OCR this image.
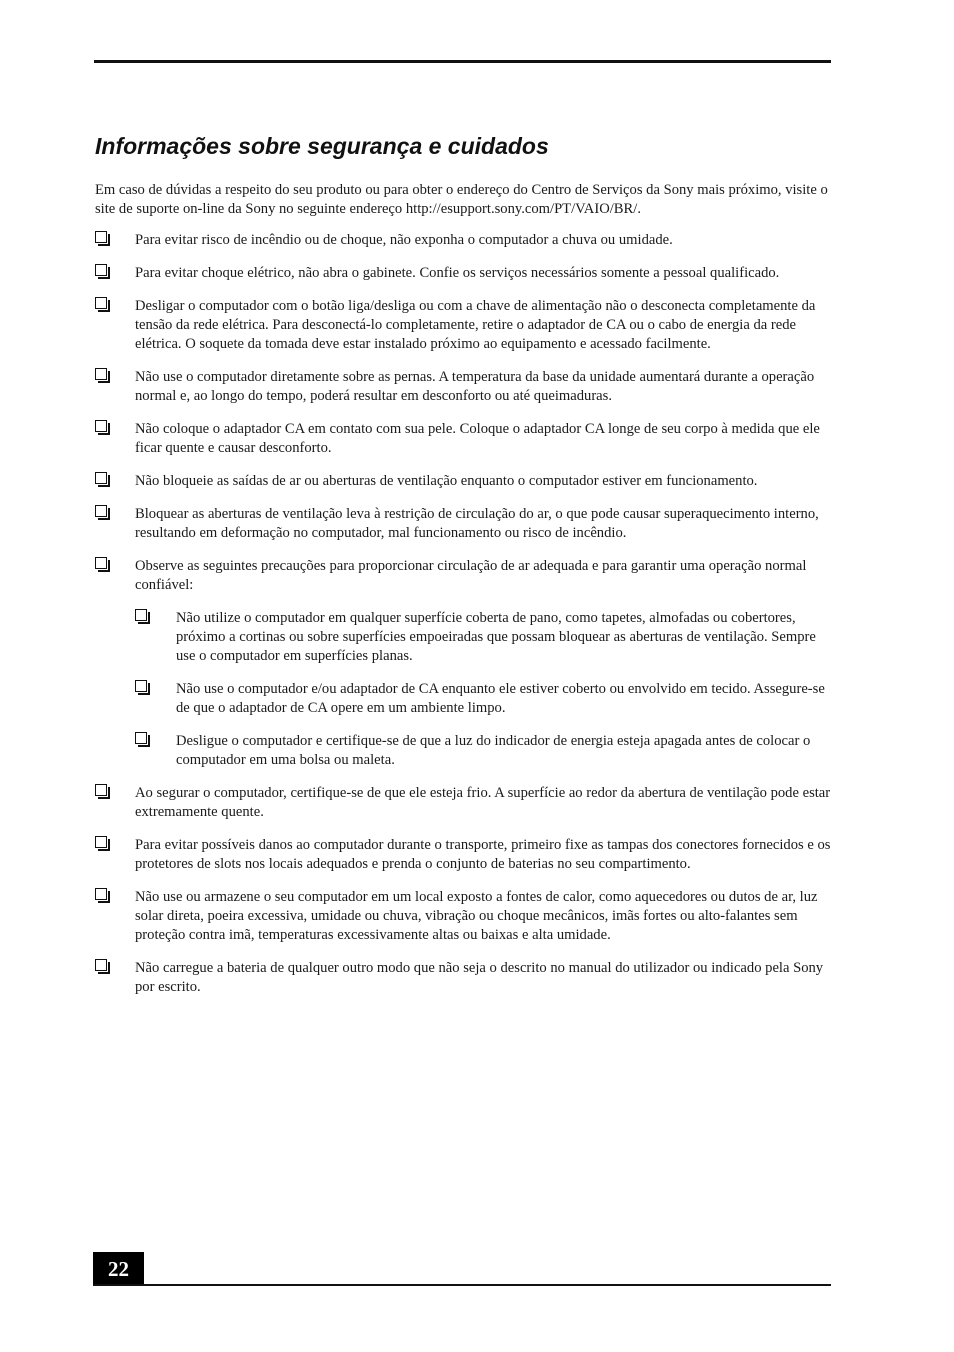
Informações sobre segurança e cuidados

Em caso de dúvidas a respeito do seu produto ou para obter o endereço do Centro de Serviços da Sony mais próximo, visite o site de suporte on-line da Sony no seguinte endereço http://esupport.sony.com/PT/VAIO/BR/.

Para evitar risco de incêndio ou de choque, não exponha o computador a chuva ou umidade.
Para evitar choque elétrico, não abra o gabinete. Confie os serviços necessários somente a pessoal qualificado.
Desligar o computador com o botão liga/desliga ou com a chave de alimentação não o desconecta completamente da tensão da rede elétrica. Para desconectá-lo completamente, retire o adaptador de CA ou o cabo de energia da rede elétrica. O soquete da tomada deve estar instalado próximo ao equipamento e acessado facilmente.
Não use o computador diretamente sobre as pernas. A temperatura da base da unidade aumentará durante a operação normal e, ao longo do tempo, poderá resultar em desconforto ou até queimaduras.
Não coloque o adaptador CA em contato com sua pele. Coloque o adaptador CA longe de seu corpo à medida que ele ficar quente e causar desconforto.
Não bloqueie as saídas de ar ou aberturas de ventilação enquanto o computador estiver em funcionamento.
Bloquear as aberturas de ventilação leva à restrição de circulação do ar, o que pode causar superaquecimento interno, resultando em deformação no computador, mal funcionamento ou risco de incêndio.
Observe as seguintes precauções para proporcionar circulação de ar adequada e para garantir uma operação normal confiável:
Não utilize o computador em qualquer superfície coberta de pano, como tapetes, almofadas ou cobertores, próximo a cortinas ou sobre superfícies empoeiradas que possam bloquear as aberturas de ventilação. Sempre use o computador em superfícies planas.
Não use o computador e/ou adaptador de CA enquanto ele estiver coberto ou envolvido em tecido. Assegure-se de que o adaptador de CA opere em um ambiente limpo.
Desligue o computador e certifique-se de que a luz do indicador de energia esteja apagada antes de colocar o computador em uma bolsa ou maleta.
Ao segurar o computador, certifique-se de que ele esteja frio. A superfície ao redor da abertura de ventilação pode estar extremamente quente.
Para evitar possíveis danos ao computador durante o transporte, primeiro fixe as tampas dos conectores fornecidos e os protetores de slots nos locais adequados e prenda o conjunto de baterias no seu compartimento.
Não use ou armazene o seu computador em um local exposto a fontes de calor, como aquecedores ou dutos de ar, luz solar direta, poeira excessiva, umidade ou chuva, vibração ou choque mecânicos, imãs fortes ou alto-falantes sem proteção contra imã, temperaturas excessivamente altas ou baixas e alta umidade.
Não carregue a bateria de qualquer outro modo que não seja o descrito no manual do utilizador ou indicado pela Sony por escrito.
22
